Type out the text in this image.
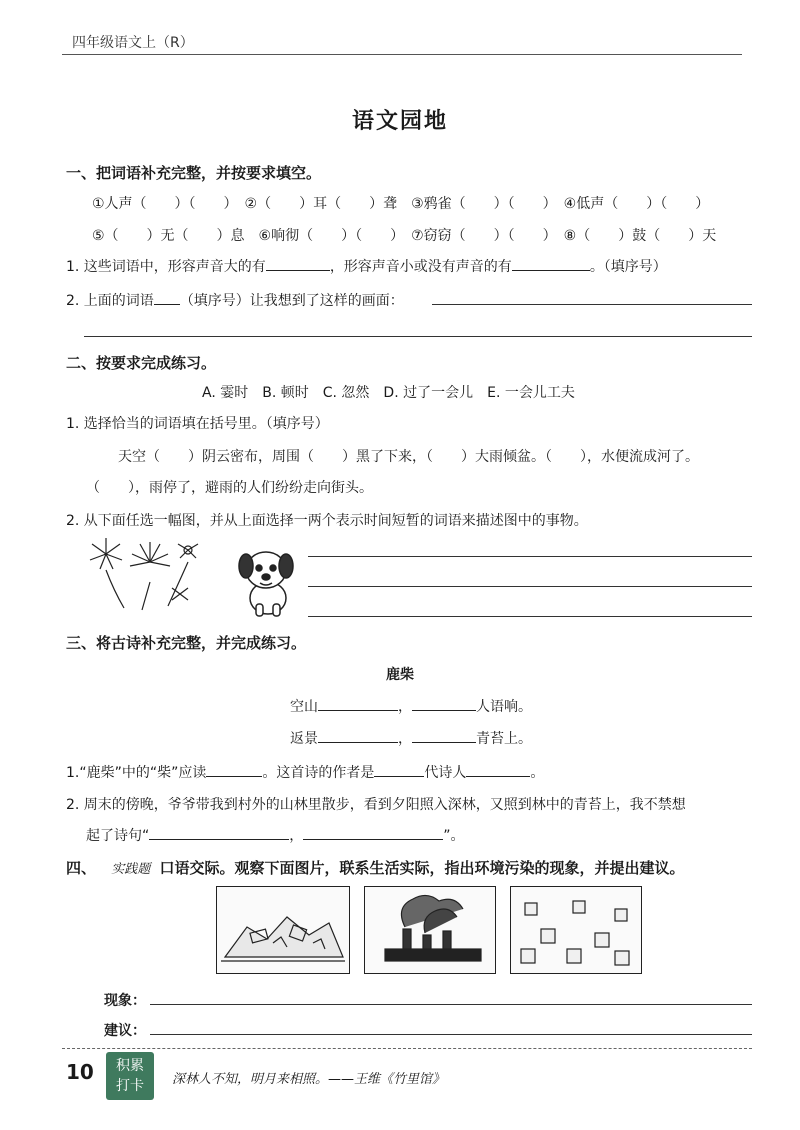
四年级语文上（R）
语文园地
一、把词语补充完整，并按要求填空。
①人声（　　）（　　）　②（　　）耳（　　）聋　③鸦雀（　　）（　　）　④低声（　　）（　　）
⑤（　　）无（　　）息　⑥响彻（　　）（　　）　⑦窃窃（　　）（　　）　⑧（　　）鼓（　　）天
1. 这些词语中，形容声音大的有	，形容声音小或没有声音的有	。（填序号）
2. 上面的词语 （填序号）让我想到了这样的画面：
二、按要求完成练习。
A. 霎时　B. 顿时　C. 忽然　D. 过了一会儿　E. 一会儿工夫
1. 选择恰当的词语填在括号里。（填序号）
天空（　　）阴云密布，周围（　　）黑了下来，（　　）大雨倾盆。（　　），水便流成河了。
（　　），雨停了，避雨的人们纷纷走向街头。
2. 从下面任选一幅图，并从上面选择一两个表示时间短暂的词语来描述图中的事物。
三、将古诗补充完整，并完成练习。
鹿柴
空山	，	人语响。
返景	，	青苔上。
1.“鹿柴”中的“柴”应读	。这首诗的作者是	代诗人	。
2. 周末的傍晚，爷爷带我到村外的山林里散步，看到夕阳照入深林，又照到林中的青苔上，我不禁想
起了诗句“	，	”。
四、 实践题 口语交际。观察下面图片，联系生活实际，指出环境污染的现象，并提出建议。
现象：
建议：
10	积累
打卡	深林人不知，明月来相照。——王维《竹里馆》
